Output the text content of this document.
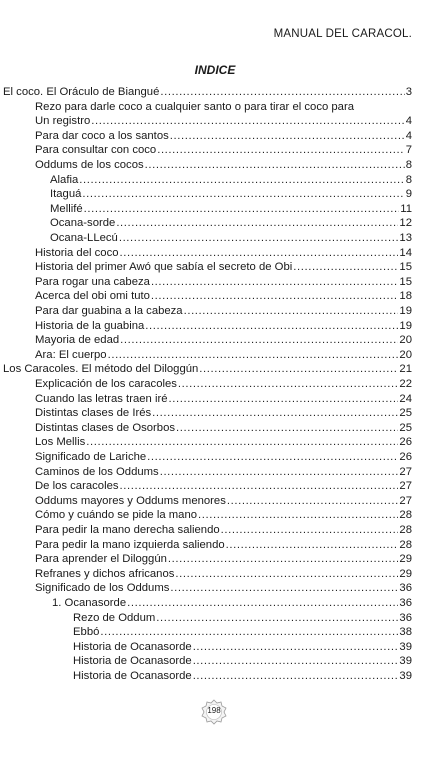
MANUAL DEL CARACOL.
INDICE
El coco. El Oráculo de Biangué .....	3
Rezo para darle coco a cualquier santo o para tirar el coco para
Un registro .....	4
Para dar coco a los santos .....	4
Para consultar con coco .....	7
Oddums de los cocos .....	8
Alafia .....	8
Itaguá .....	9
Mellifé .....	11
Ocana-sorde .....	12
Ocana-LLecú .....	13
Historia del coco .....	14
Historia del primer Awó que sabía el secreto de Obi .....	15
Para rogar una cabeza .....	15
Acerca del obi omi tuto .....	18
Para dar guabina a la cabeza .....	19
Historia de la guabina .....	19
Mayoria de edad .....	20
Ara: El cuerpo .....	20
Los Caracoles. El método del Diloggún .....	21
Explicación de los caracoles .....	22
Cuando las letras traen iré .....	24
Distintas clases de Irés .....	25
Distintas clases de Osorbos .....	25
Los Mellis .....	26
Significado de Lariche .....	26
Caminos de los Oddums .....	27
De los caracoles .....	27
Oddums mayores y Oddums menores .....	27
Cómo y cuándo se pide la mano .....	28
Para pedir la mano derecha saliendo .....	28
Para pedir la mano izquierda saliendo .....	28
Para aprender el Diloggún .....	29
Refranes y dichos africanos .....	29
Significado de los Oddums .....	36
1. Ocanasorde .....	36
Rezo de Oddum .....	36
Ebbó .....	38
Historia de Ocanasorde .....	39
Historia de Ocanasorde .....	39
Historia de Ocanasorde .....	39
198
